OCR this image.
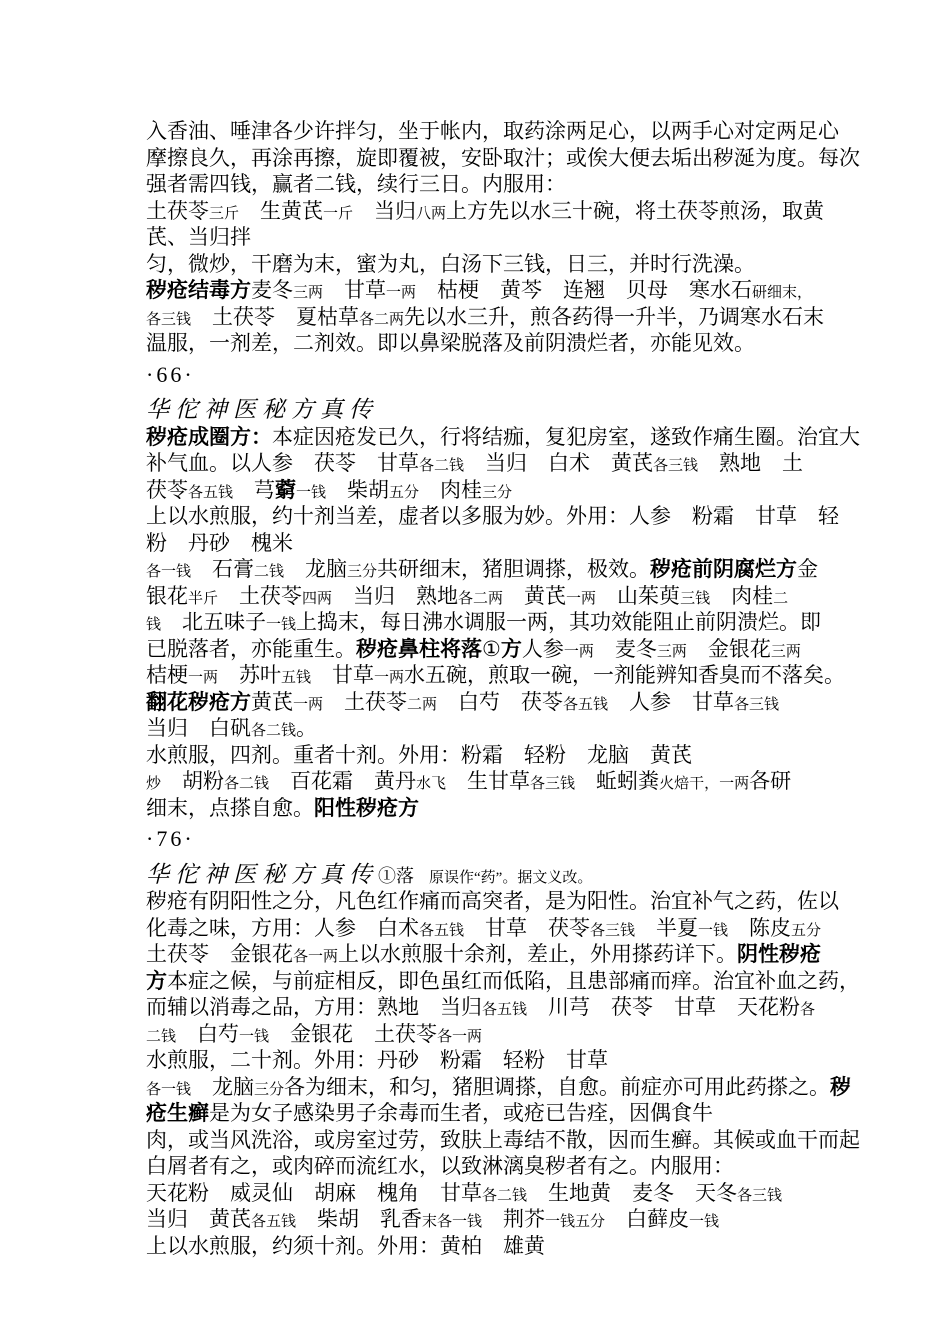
入香油、唾津各少许拌匀，坐于帐内，取药涂两足心，以两手心对定两足心
摩擦良久，再涂再擦，旋即覆被，安卧取汁；或俟大便去垢出秽涎为度。每次
强者需四钱，赢者二钱，续行三日。内服用：
土茯苓三斤　生黄芪一斤　当归八两上方先以水三十碗，将土茯苓煎汤，取黄
芪、当归拌
匀，微炒，干磨为末，蜜为丸，白汤下三钱，日三，并时行洗澡。
秽疮结毒方麦冬三两　甘草一两　枯梗　黄芩　连翘　贝母　寒水石研细末，
各三钱　土茯苓　夏枯草各二两先以水三升，煎各药得一升半，乃调寒水石末
温服，一剂差，二剂效。即以鼻梁脱落及前阴溃烂者，亦能见效。
·66·
华佗神医秘方真传
秽疮成圈方：本症因疮发已久，行将结痂，复犯房室，遂致作痛生圈。治宜大
补气血。以人参　茯苓　甘草各二钱　当归　白术　黄芪各三钱　熟地　土
茯苓各五钱　芎藭一钱　柴胡五分　肉桂三分
上以水煎服，约十剂当差，虚者以多服为妙。外用：人参　粉霜　甘草　轻
粉　丹砂　槐米
各一钱　石膏二钱　龙脑三分共研细末，猪胆调搽，极效。秽疮前阴腐烂方金
银花半斤　土茯苓四两　当归　熟地各二两　黄芪一两　山茱萸三钱　肉桂二
钱　北五味子一钱上捣末，每日沸水调服一两，其功效能阻止前阴溃烂。即
已脱落者，亦能重生。秽疮鼻柱将落①方人参一两　麦冬三两　金银花三两
桔梗一两　苏叶五钱　甘草一两水五碗，煎取一碗，一剂能辨知香臭而不落矣。
翻花秽疮方黄芪一两　土茯苓二两　白芍　茯苓各五钱　人参　甘草各三钱
当归　白矾各二钱。
水煎服，四剂。重者十剂。外用：粉霜　轻粉　龙脑　黄芪
炒　胡粉各二钱　百花霜　黄丹水飞　生甘草各三钱　蚯蚓粪火焙干，一两各研
细末，点搽自愈。阳性秽疮方
·76·
华佗神医秘方真传①落　原误作“药”。据文义改。
秽疮有阴阳性之分，凡色红作痛而高突者，是为阳性。治宜补气之药，佐以
化毒之味，方用：人参　白术各五钱　甘草　茯苓各三钱　半夏一钱　陈皮五分
土茯苓　金银花各一两上以水煎服十余剂，差止，外用搽药详下。阴性秽疮
方本症之候，与前症相反，即色虽红而低陷，且患部痛而痒。治宜补血之药，
而辅以消毒之品，方用：熟地　当归各五钱　川芎　茯苓　甘草　天花粉各
二钱　白芍一钱　金银花　土茯苓各一两
水煎服，二十剂。外用：丹砂　粉霜　轻粉　甘草
各一钱　龙脑三分各为细末，和匀，猪胆调搽，自愈。前症亦可用此药搽之。秽
疮生癣是为女子感染男子余毒而生者，或疮已告痊，因偶食牛
肉，或当风洗浴，或房室过劳，致肤上毒结不散，因而生癣。其候或血干而起
白屑者有之，或肉碎而流红水，以致淋漓臭秽者有之。内服用：
天花粉　威灵仙　胡麻　槐角　甘草各二钱　生地黄　麦冬　天冬各三钱
当归　黄芪各五钱　柴胡　乳香末各一钱　荆芥一钱五分　白藓皮一钱
上以水煎服，约须十剂。外用：黄柏　雄黄
